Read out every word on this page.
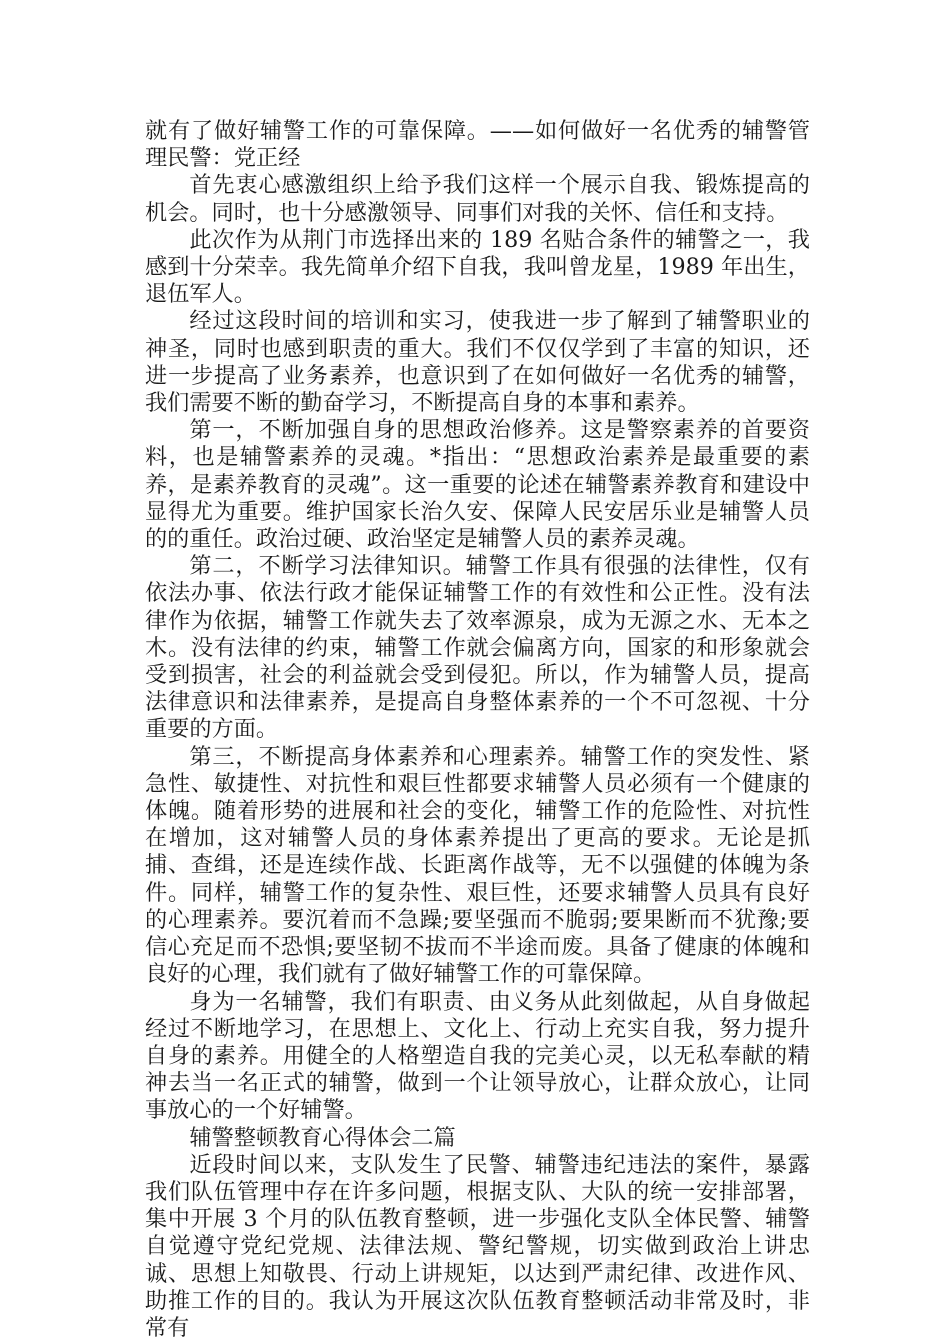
就有了做好辅警工作的可靠保障。——如何做好一名优秀的辅警管理民警：党正经

首先衷心感激组织上给予我们这样一个展示自我、锻炼提高的机会。同时，也十分感激领导、同事们对我的关怀、信任和支持。

此次作为从荆门市选择出来的 189 名贴合条件的辅警之一，我感到十分荣幸。我先简单介绍下自我，我叫曾龙星，1989 年出生，退伍军人。

经过这段时间的培训和实习，使我进一步了解到了辅警职业的神圣，同时也感到职责的重大。我们不仅仅学到了丰富的知识，还进一步提高了业务素养，也意识到了在如何做好一名优秀的辅警，我们需要不断的勤奋学习，不断提高自身的本事和素养。

第一，不断加强自身的思想政治修养。这是警察素养的首要资料，也是辅警素养的灵魂。*指出：“思想政治素养是最重要的素养，是素养教育的灵魂”。这一重要的论述在辅警素养教育和建设中显得尤为重要。维护国家长治久安、保障人民安居乐业是辅警人员的的重任。政治过硬、政治坚定是辅警人员的素养灵魂。

第二，不断学习法律知识。辅警工作具有很强的法律性，仅有依法办事、依法行政才能保证辅警工作的有效性和公正性。没有法律作为依据，辅警工作就失去了效率源泉，成为无源之水、无本之木。没有法律的约束，辅警工作就会偏离方向，国家的和形象就会受到损害，社会的利益就会受到侵犯。所以，作为辅警人员，提高法律意识和法律素养，是提高自身整体素养的一个不可忽视、十分重要的方面。

第三，不断提高身体素养和心理素养。辅警工作的突发性、紧急性、敏捷性、对抗性和艰巨性都要求辅警人员必须有一个健康的体魄。随着形势的进展和社会的变化，辅警工作的危险性、对抗性在增加，这对辅警人员的身体素养提出了更高的要求。无论是抓捕、查缉，还是连续作战、长距离作战等，无不以强健的体魄为条件。同样，辅警工作的复杂性、艰巨性，还要求辅警人员具有良好的心理素养。要沉着而不急躁;要坚强而不脆弱;要果断而不犹豫;要信心充足而不恐惧;要坚韧不拔而不半途而废。具备了健康的体魄和良好的心理，我们就有了做好辅警工作的可靠保障。

身为一名辅警，我们有职责、由义务从此刻做起，从自身做起经过不断地学习，在思想上、文化上、行动上充实自我，努力提升自身的素养。用健全的人格塑造自我的完美心灵，以无私奉献的精神去当一名正式的辅警，做到一个让领导放心，让群众放心，让同事放心的一个好辅警。

辅警整顿教育心得体会二篇

近段时间以来，支队发生了民警、辅警违纪违法的案件，暴露我们队伍管理中存在许多问题，根据支队、大队的统一安排部署，集中开展 3 个月的队伍教育整顿，进一步强化支队全体民警、辅警自觉遵守党纪党规、法律法规、警纪警规，切实做到政治上讲忠诚、思想上知敬畏、行动上讲规矩，以达到严肃纪律、改进作风、助推工作的目的。我认为开展这次队伍教育整顿活动非常及时，非常有
